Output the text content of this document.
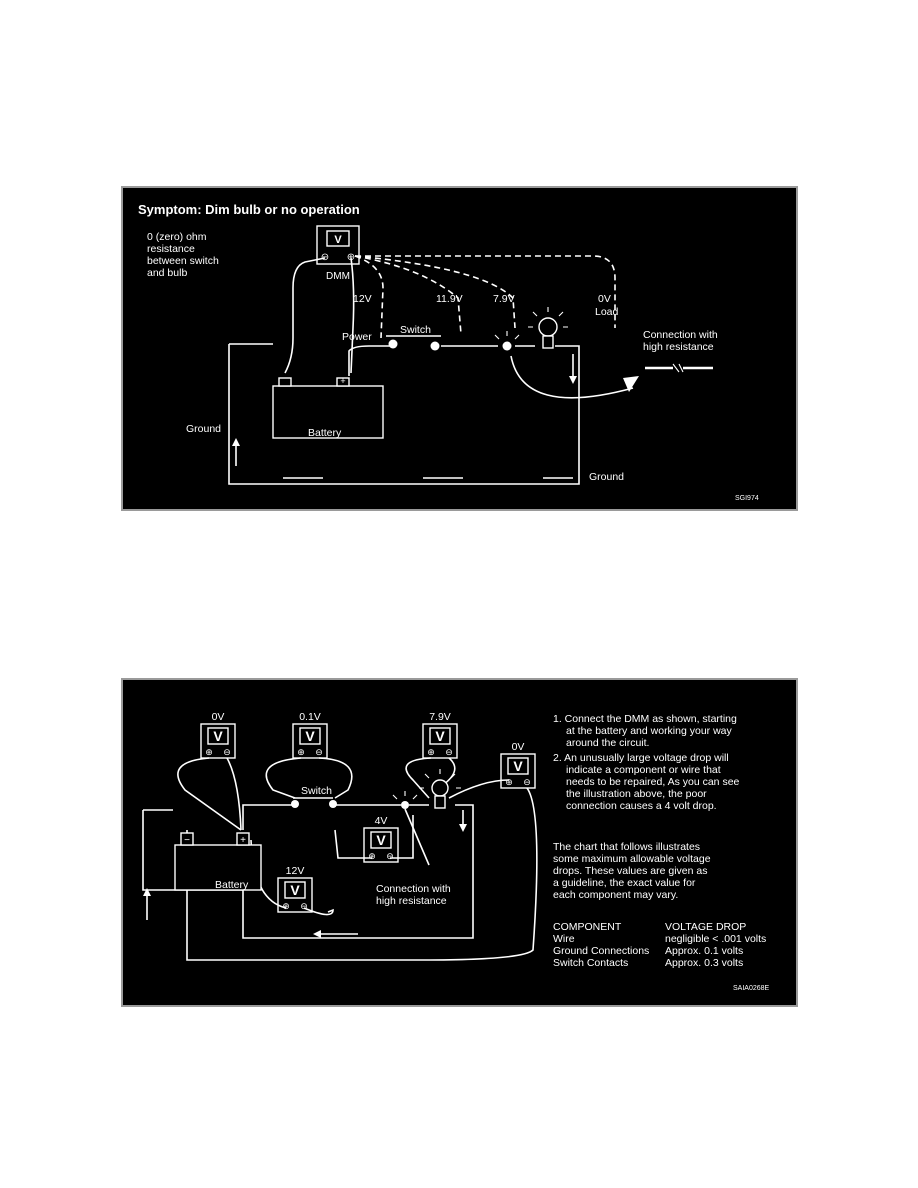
Symptom: Dim bulb or no operation
0 (zero) ohm
resistance
between switch
and bulb
V
⊖ ⊕
DMM
12V	11.9V	7.9V	0V
Load
Power
Switch
+
Battery
Ground
Ground
Connection with
high resistance
SGI974
0V	0.1V	7.9V
0V
4V
12V
V
⊕ ⊖
V
⊕ ⊖
V
⊕ ⊖
V
⊕ ⊖
V
⊕ ⊖
V
⊕ ⊖
Switch
−	+
Battery	Connection with
high resistance
1. Connect the DMM as shown, starting
at the battery and working your way
around the circuit.
2. An unusually large voltage drop will
indicate a component or wire that
needs to be repaired, As you can see
the illustration above, the poor
connection causes a 4 volt drop.
The chart that follows illustrates
some maximum allowable voltage
drops. These values are given as
a guideline, the exact value for
each component may vary.
COMPONENT	VOLTAGE DROP
Wire	negligible < .001 volts
Ground Connections Approx. 0.1 volts
Switch Contacts	Approx. 0.3 volts
SAIA0268E
